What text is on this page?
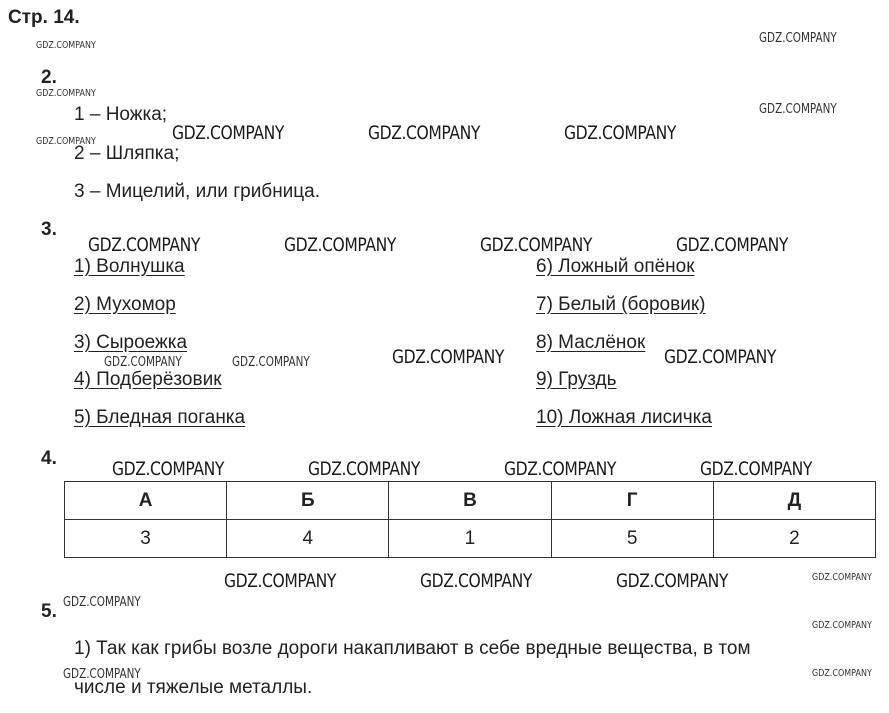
Стр. 14.
2.
1 – Ножка;
2 – Шляпка;
3 – Мицелий, или грибница.
3.
1) Волнушка
2) Мухомор
3) Сыроежка
4) Подберёзовик
5) Бледная поганка
6) Ложный опёнок
7) Белый (боровик)
8) Маслёнок
9) Груздь
10) Ложная лисичка
4.
А	Б	В	Г	Д
3	4	1	5	2
5.
1) Так как грибы возле дороги накапливают в себе вредные вещества, в том
числе и тяжелые металлы.
GDZ.COMPANY	GDZ.COMPANY
GDZ.COMPANY
GDZ.COMPANY
GDZ.COMPANY	GDZ.COMPANY	GDZ.COMPANY	GDZ.COMPANY
GDZ.COMPANY	GDZ.COMPANY	GDZ.COMPANY	GDZ.COMPANY
GDZ.COMPANY	GDZ.COMPANY	GDZ.COMPANY	GDZ.COMPANY
GDZ.COMPANY	GDZ.COMPANY	GDZ.COMPANY	GDZ.COMPANY
GDZ.COMPANY	GDZ.COMPANY	GDZ.COMPANY	GDZ.COMPANY
GDZ.COMPANY
GDZ.COMPANY
GDZ.COMPANY	GDZ.COMPANY
